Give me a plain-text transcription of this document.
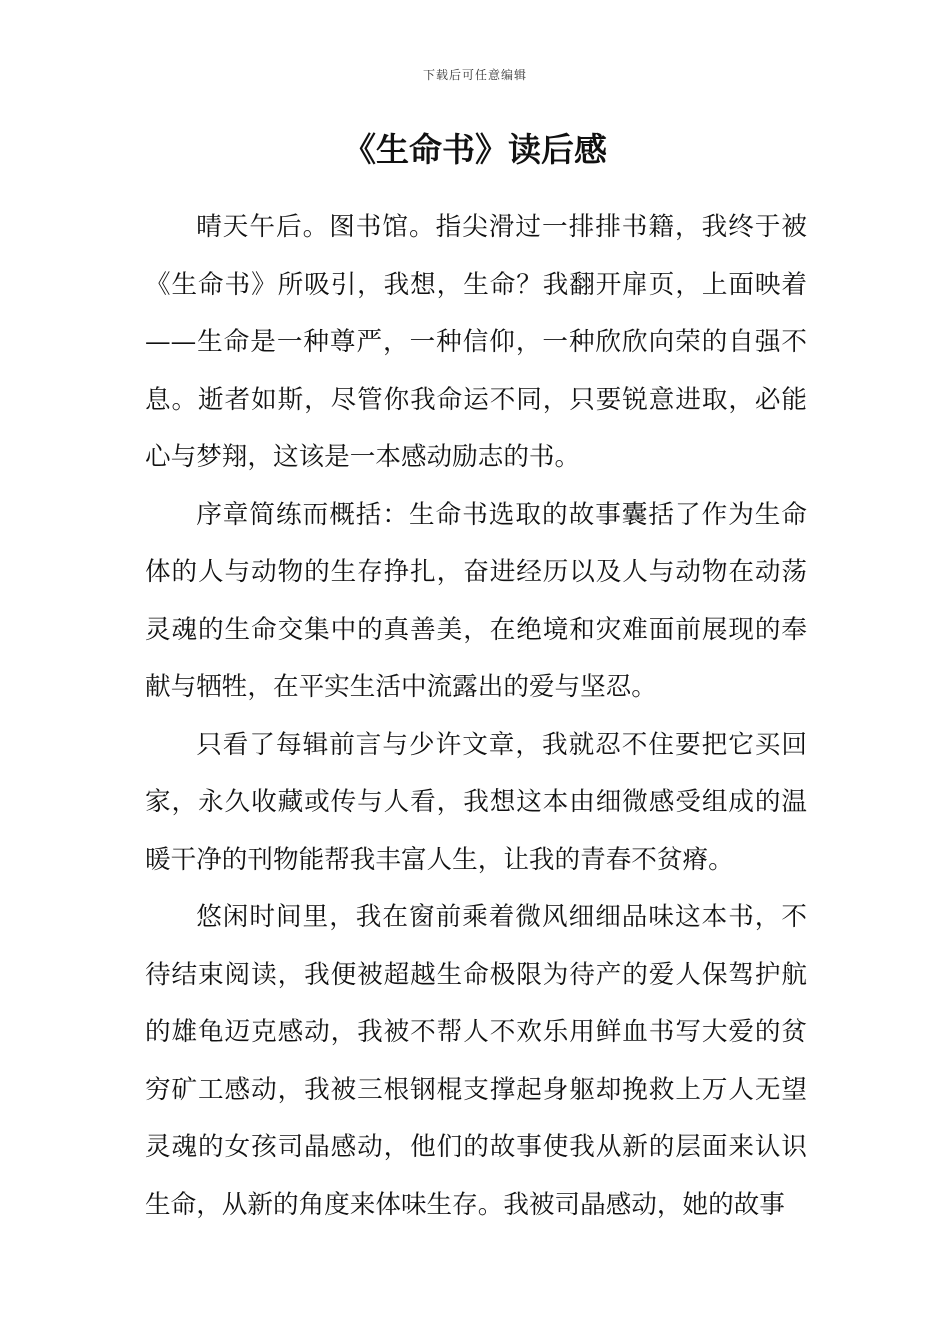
下载后可任意编辑
《生命书》读后感

晴天午后。图书馆。指尖滑过一排排书籍，我终于被《生命书》所吸引，我想，生命？我翻开扉页，上面映着——生命是一种尊严，一种信仰，一种欣欣向荣的自强不息。逝者如斯，尽管你我命运不同，只要锐意进取，必能心与梦翔，这该是一本感动励志的书。

序章简练而概括：生命书选取的故事囊括了作为生命体的人与动物的生存挣扎，奋进经历以及人与动物在动荡灵魂的生命交集中的真善美，在绝境和灾难面前展现的奉献与牺牲，在平实生活中流露出的爱与坚忍。

只看了每辑前言与少许文章，我就忍不住要把它买回家，永久收藏或传与人看，我想这本由细微感受组成的温暖干净的刊物能帮我丰富人生，让我的青春不贫瘠。

悠闲时间里，我在窗前乘着微风细细品味这本书，不待结束阅读，我便被超越生命极限为待产的爱人保驾护航的雄龟迈克感动，我被不帮人不欢乐用鲜血书写大爱的贫穷矿工感动，我被三根钢棍支撑起身躯却挽救上万人无望灵魂的女孩司晶感动，他们的故事使我从新的层面来认识生命，从新的角度来体味生存。我被司晶感动，她的故事
